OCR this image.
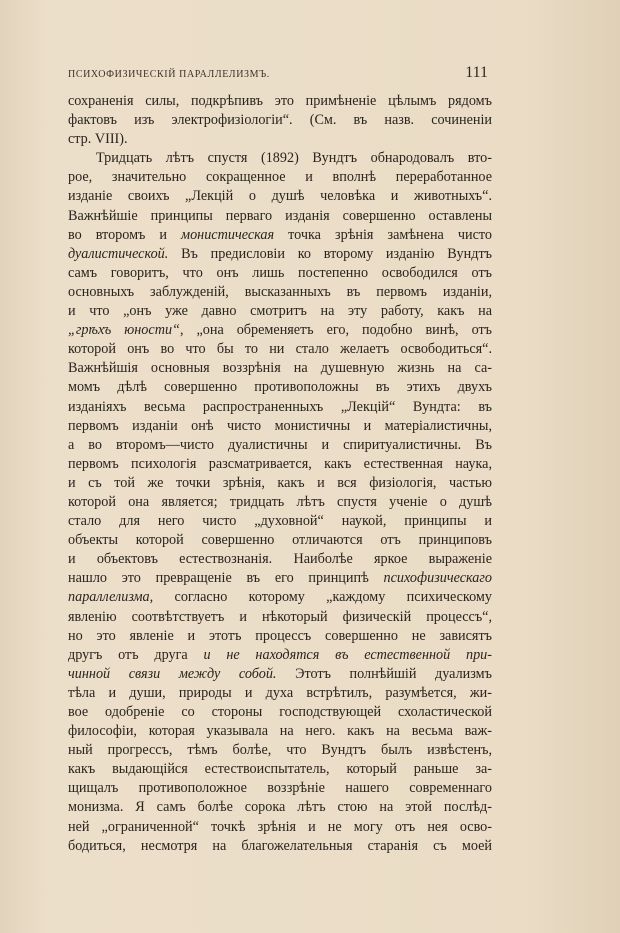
ПСИХОФИЗИЧЕСКІЙ ПАРАЛЛЕЛИЗМЪ.	111
сохраненія силы, подкрѣпивъ это примѣненіе цѣлымъ рядомъ
фактовъ изъ электрофизіологіи“. (См. въ назв. сочиненіи
стр. VIII).
Тридцать лѣтъ спустя (1892) Вундтъ обнародовалъ вто-
рое, значительно сокращенное и вполнѣ переработанное
изданіе своихъ „Лекцій о душѣ человѣка и животныхъ“.
Важнѣйшіе принципы перваго изданія совершенно оставлены
во второмъ и монистическая точка зрѣнія замѣнена чисто
дуалистической. Въ предисловіи ко второму изданію Вундтъ
самъ говоритъ, что онъ лишь постепенно освободился отъ
основныхъ заблужденій, высказанныхъ въ первомъ изданіи,
и что „онъ уже давно смотритъ на эту работу, какъ на
„грѣхъ юности“, „она обременяетъ его, подобно винѣ, отъ
которой онъ во что бы то ни стало желаетъ освободиться“.
Важнѣйшія основныя воззрѣнія на душевную жизнь на са-
момъ дѣлѣ совершенно противоположны въ этихъ двухъ
изданіяхъ весьма распространенныхъ „Лекцій“ Вундта: въ
первомъ изданіи онѣ чисто монистичны и матеріалистичны,
а во второмъ—чисто дуалистичны и спиритуалистичны. Въ
первомъ психологія разсматривается, какъ естественная наука,
и съ той же точки зрѣнія, какъ и вся физіологія, частью
которой она является; тридцать лѣтъ спустя ученіе о душѣ
стало для него чисто „духовной“ наукой, принципы и
объекты которой совершенно отличаются отъ принциповъ
и объектовъ естествознанія. Наиболѣе яркое выраженіе
нашло это превращеніе въ его принципѣ психофизическаго
параллелизма, согласно которому „каждому психическому
явленію соотвѣтствуетъ и нѣкоторый физическій процессъ“,
но это явленіе и этотъ процессъ совершенно не зависятъ
другъ отъ друга и не находятся въ естественной при-
чинной связи между собой. Этотъ полнѣйшій дуализмъ
тѣла и души, природы и духа встрѣтилъ, разумѣется, жи-
вое одобреніе со стороны господствующей схоластической
философіи, которая указывала на него. какъ на весьма важ-
ный прогрессъ, тѣмъ болѣе, что Вундтъ былъ извѣстенъ,
какъ выдающійся естествоиспытатель, который раньше за-
щищалъ противоположное воззрѣніе нашего современнаго
монизма. Я самъ болѣе сорока лѣтъ стою на этой послѣд-
ней „ограниченной“ точкѣ зрѣнія и не могу отъ нея осво-
бодиться, несмотря на благожелательныя старанія съ моей
